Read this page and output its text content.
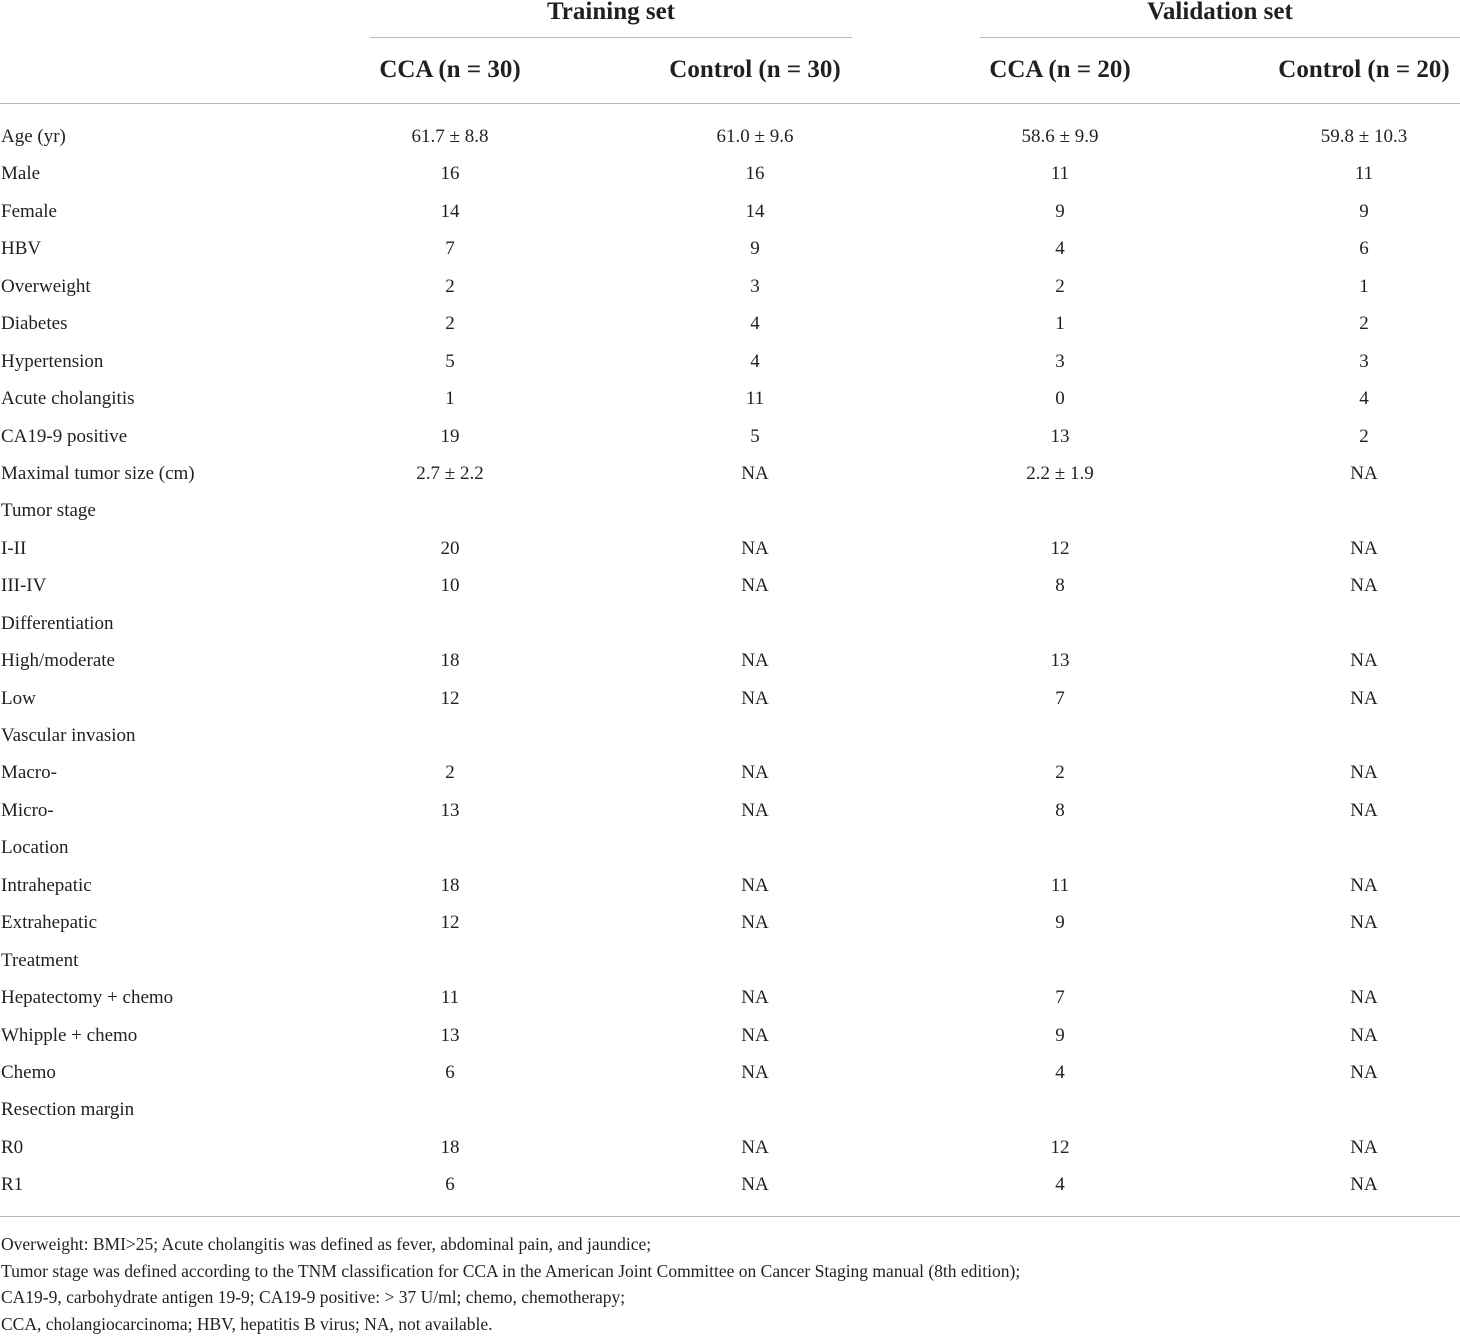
Training set	Validation set
CCA (n = 30)	Control (n = 30)	CCA (n = 20)	Control (n = 20)
Age (yr)	61.7 ± 8.8	61.0 ± 9.6	58.6 ± 9.9	59.8 ± 10.3
Male	16	16	11	11
Female	14	14	9	9
HBV	7	9	4	6
Overweight	2	3	2	1
Diabetes	2	4	1	2
Hypertension	5	4	3	3
Acute cholangitis	1	11	0	4
CA19-9 positive	19	5	13	2
Maximal tumor size (cm)	2.7 ± 2.2	NA	2.2 ± 1.9	NA
Tumor stage
I-II	20	NA	12	NA
III-IV	10	NA	8	NA
Differentiation
High/moderate	18	NA	13	NA
Low	12	NA	7	NA
Vascular invasion
Macro-	2	NA	2	NA
Micro-	13	NA	8	NA
Location
Intrahepatic	18	NA	11	NA
Extrahepatic	12	NA	9	NA
Treatment
Hepatectomy + chemo	11	NA	7	NA
Whipple + chemo	13	NA	9	NA
Chemo	6	NA	4	NA
Resection margin
R0	18	NA	12	NA
R1	6	NA	4	NA
Overweight: BMI>25; Acute cholangitis was defined as fever, abdominal pain, and jaundice;
Tumor stage was defined according to the TNM classification for CCA in the American Joint Committee on Cancer Staging manual (8th edition);
CA19-9, carbohydrate antigen 19-9; CA19-9 positive: > 37 U/ml; chemo, chemotherapy;
CCA, cholangiocarcinoma; HBV, hepatitis B virus; NA, not available.
